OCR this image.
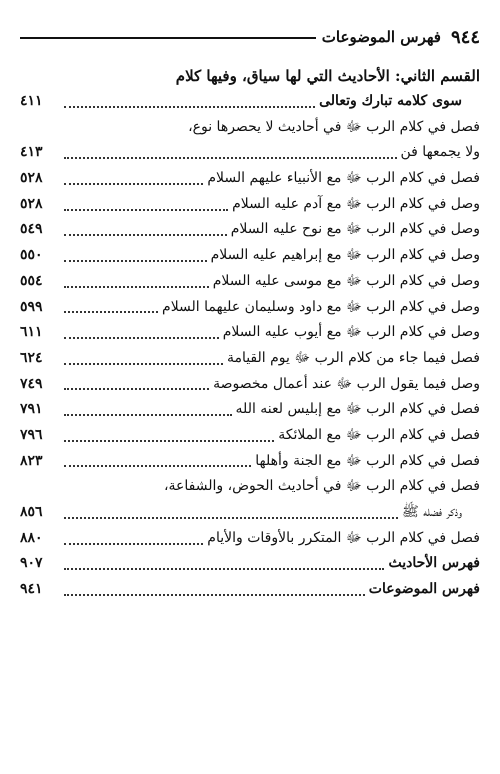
٩٤٤
فهرس الموضوعات
القسم الثاني: الأحاديث التي لها سياق، وفيها كلام
سوى كلامه تبارك وتعالى
٤١١
فصل في كلام الرب ﷻ في أحاديث لا يحصرها نوع،
ولا يجمعها فن
٤١٣
فصل في كلام الرب ﷻ مع الأنبياء عليهم السلام
٥٢٨
وصل في كلام الرب ﷻ مع آدم عليه السلام
٥٢٨
وصل في كلام الرب ﷻ مع نوح عليه السلام
٥٤٩
وصل في كلام الرب ﷻ مع إبراهيم عليه السلام
٥٥٠
وصل في كلام الرب ﷻ مع موسى عليه السلام
٥٥٤
وصل في كلام الرب ﷻ مع داود وسليمان عليهما السلام
٥٩٩
وصل في كلام الرب ﷻ مع أيوب عليه السلام
٦١١
فصل فيما جاء من كلام الرب ﷻ يوم القيامة
٦٢٤
وصل فيما يقول الرب ﷻ عند أعمال مخصوصة
٧٤٩
فصل في كلام الرب ﷻ مع إبليس لعنه الله
٧٩١
فصل في كلام الرب ﷻ مع الملائكة
٧٩٦
فصل في كلام الرب ﷻ مع الجنة وأهلها
٨٢٣
فصل في كلام الرب ﷻ في أحاديث الحوض، والشفاعة،
وذكر فضله ﷺ
٨٥٦
فصل في كلام الرب ﷻ المتكرر بالأوقات والأيام
٨٨٠
فهرس الأحاديث
٩٠٧
فهرس الموضوعات
٩٤١
